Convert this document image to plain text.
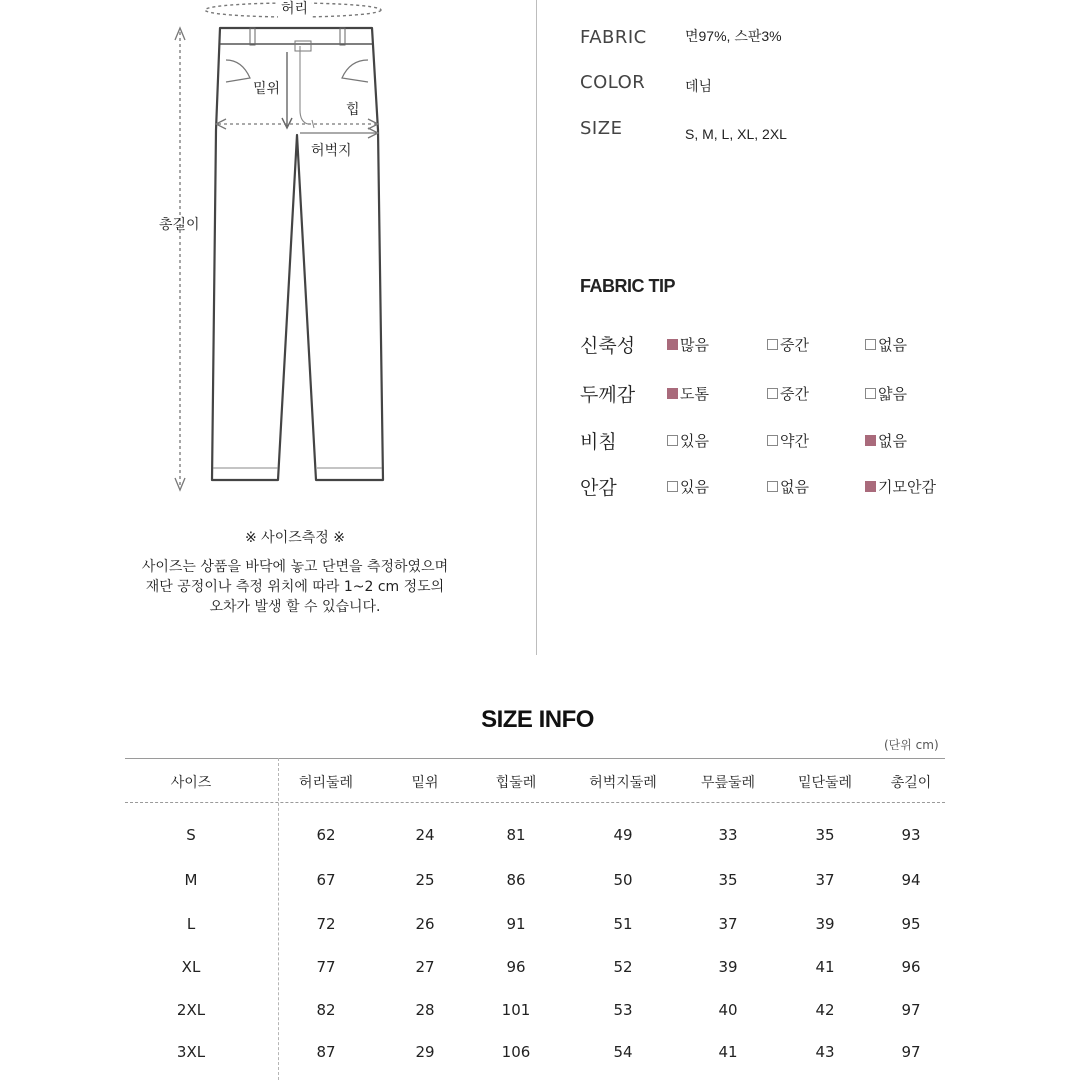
허리
밑위
힙
허벅지
총길이
※ 사이즈측정 ※
사이즈는 상품을 바닥에 놓고 단면을 측정하였으며
재단 공정이나 측정 위치에 따라 1~2 cm 정도의
오차가 발생 할 수 있습니다.
FABRIC	면97%, 스판3%
COLOR	데님
SIZE	S, M, L, XL, 2XL
FABRIC TIP
신축성	많음	중간	없음
두께감	도톰	중간	얇음
비침	있음	약간	없음
안감	있음	없음	기모안감
SIZE INFO
(단위 cm)
사이즈	허리둘레	밑위	힙둘레	허벅지둘레	무릎둘레	밑단둘레	총길이
S	62	24	81	49	33	35	93
M	67	25	86	50	35	37	94
L	72	26	91	51	37	39	95
XL	77	27	96	52	39	41	96
2XL	82	28	101	53	40	42	97
3XL	87	29	106	54	41	43	97
